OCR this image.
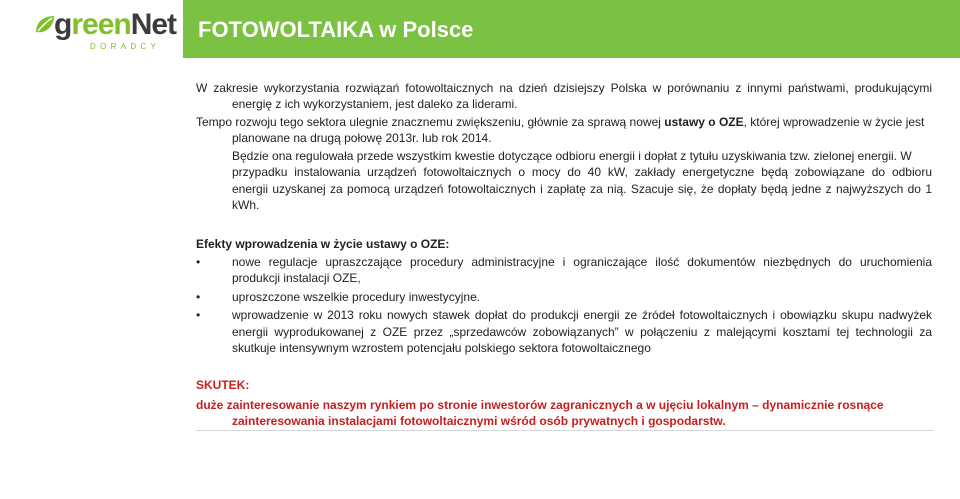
greenNet
DORADCY
FOTOWOLTAIKA w Polsce
W zakresie wykorzystania rozwiązań fotowoltaicznych na dzień dzisiejszy Polska w porównaniu z innymi państwami, produkującymi
energię z ich wykorzystaniem, jest daleko za liderami.
Tempo rozwoju tego sektora ulegnie znacznemu zwiększeniu, głównie za sprawą nowej ustawy o OZE, której wprowadzenie w życie jest
planowane na drugą połowę 2013r. lub rok 2014.
Będzie ona regulowała przede wszystkim kwestie dotyczące odbioru energii i dopłat z tytułu uzyskiwania tzw. zielonej energii. W
przypadku instalowania urządzeń fotowoltaicznych o mocy do 40 kW, zakłady energetyczne będą zobowiązane do odbioru
energii uzyskanej za pomocą urządzeń fotowoltaicznych i zapłatę za nią. Szacuje się, że dopłaty będą jedne z najwyższych do 1
kWh.
Efekty wprowadzenia w życie ustawy o OZE:
•	nowe regulacje upraszczające procedury administracyjne i ograniczające ilość dokumentów niezbędnych do uruchomienia
produkcji instalacji OZE,
•	uproszczone wszelkie procedury inwestycyjne.
•	wprowadzenie w 2013 roku nowych stawek dopłat do produkcji energii ze źródeł fotowoltaicznych i obowiązku skupu nadwyżek
energii wyprodukowanej z OZE przez „sprzedawców zobowiązanych” w połączeniu z malejącymi kosztami tej technologii za
skutkuje intensywnym wzrostem potencjału polskiego sektora fotowoltaicznego
SKUTEK:
duże zainteresowanie naszym rynkiem po stronie inwestorów zagranicznych a w ujęciu lokalnym – dynamicznie rosnące
zainteresowania instalacjami fotowoltaicznymi wśród osób prywatnych i gospodarstw.
